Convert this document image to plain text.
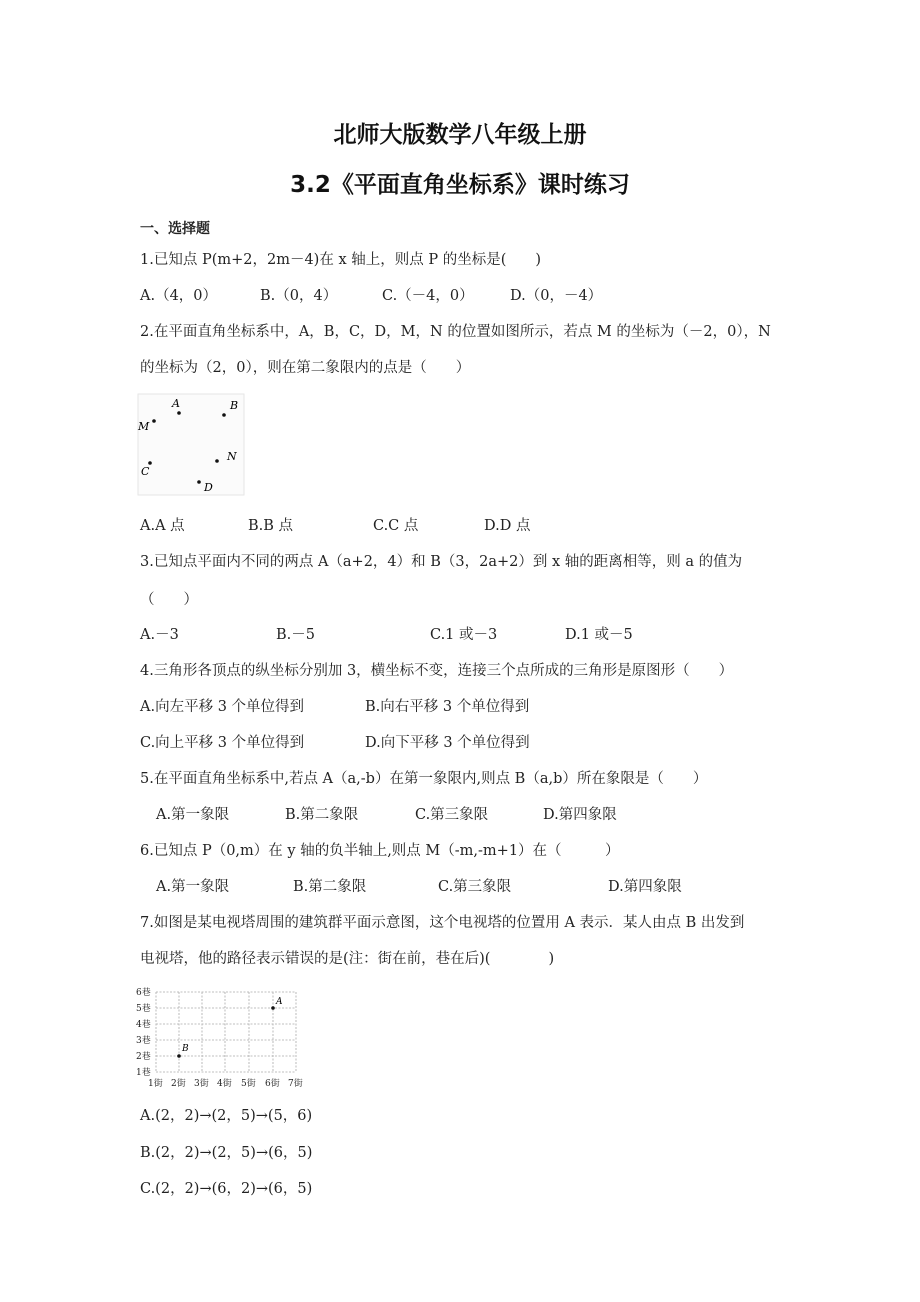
北师大版数学八年级上册
3.2《平面直角坐标系》课时练习
一、选择题
1.已知点 P(m+2，2m－4)在 x 轴上，则点 P 的坐标是(　　)
A.（4，0）	B.（0，4）	C.（－4，0）	D.（0，－4）
2.在平面直角坐标系中，A，B，C，D，M，N 的位置如图所示，若点 M 的坐标为（－2，0），N
的坐标为（2，0），则在第二象限内的点是（　　）
A	B
M
N
C
D
A.A 点	B.B 点	C.C 点	D.D 点
3.已知点平面内不同的两点 A（a+2，4）和 B（3，2a+2）到 x 轴的距离相等，则 a 的值为
（　　）
A.－3	B.－5	C.1 或－3	D.1 或－5
4.三角形各顶点的纵坐标分别加 3，横坐标不变，连接三个点所成的三角形是原图形（　　）
A.向左平移 3 个单位得到	B.向右平移 3 个单位得到
C.向上平移 3 个单位得到	D.向下平移 3 个单位得到
5.在平面直角坐标系中,若点 A（a,-b）在第一象限内,则点 B（a,b）所在象限是（　　）
A.第一象限	B.第二象限	C.第三象限	D.第四象限
6.已知点 P（0,m）在 y 轴的负半轴上,则点 M（-m,-m+1）在（　　　）
A.第一象限	B.第二象限	C.第三象限	D.第四象限
7.如图是某电视塔周围的建筑群平面示意图，这个电视塔的位置用 A 表示．某人由点 B 出发到
电视塔，他的路径表示错误的是(注：街在前，巷在后)(　　　　)
6巷
5巷
4巷
3巷
2巷
1巷
1街 2街 3街 4街 5街 6街 7街
A
B
A.(2，2)→(2，5)→(5，6)
B.(2，2)→(2，5)→(6，5)
C.(2，2)→(6，2)→(6，5)
